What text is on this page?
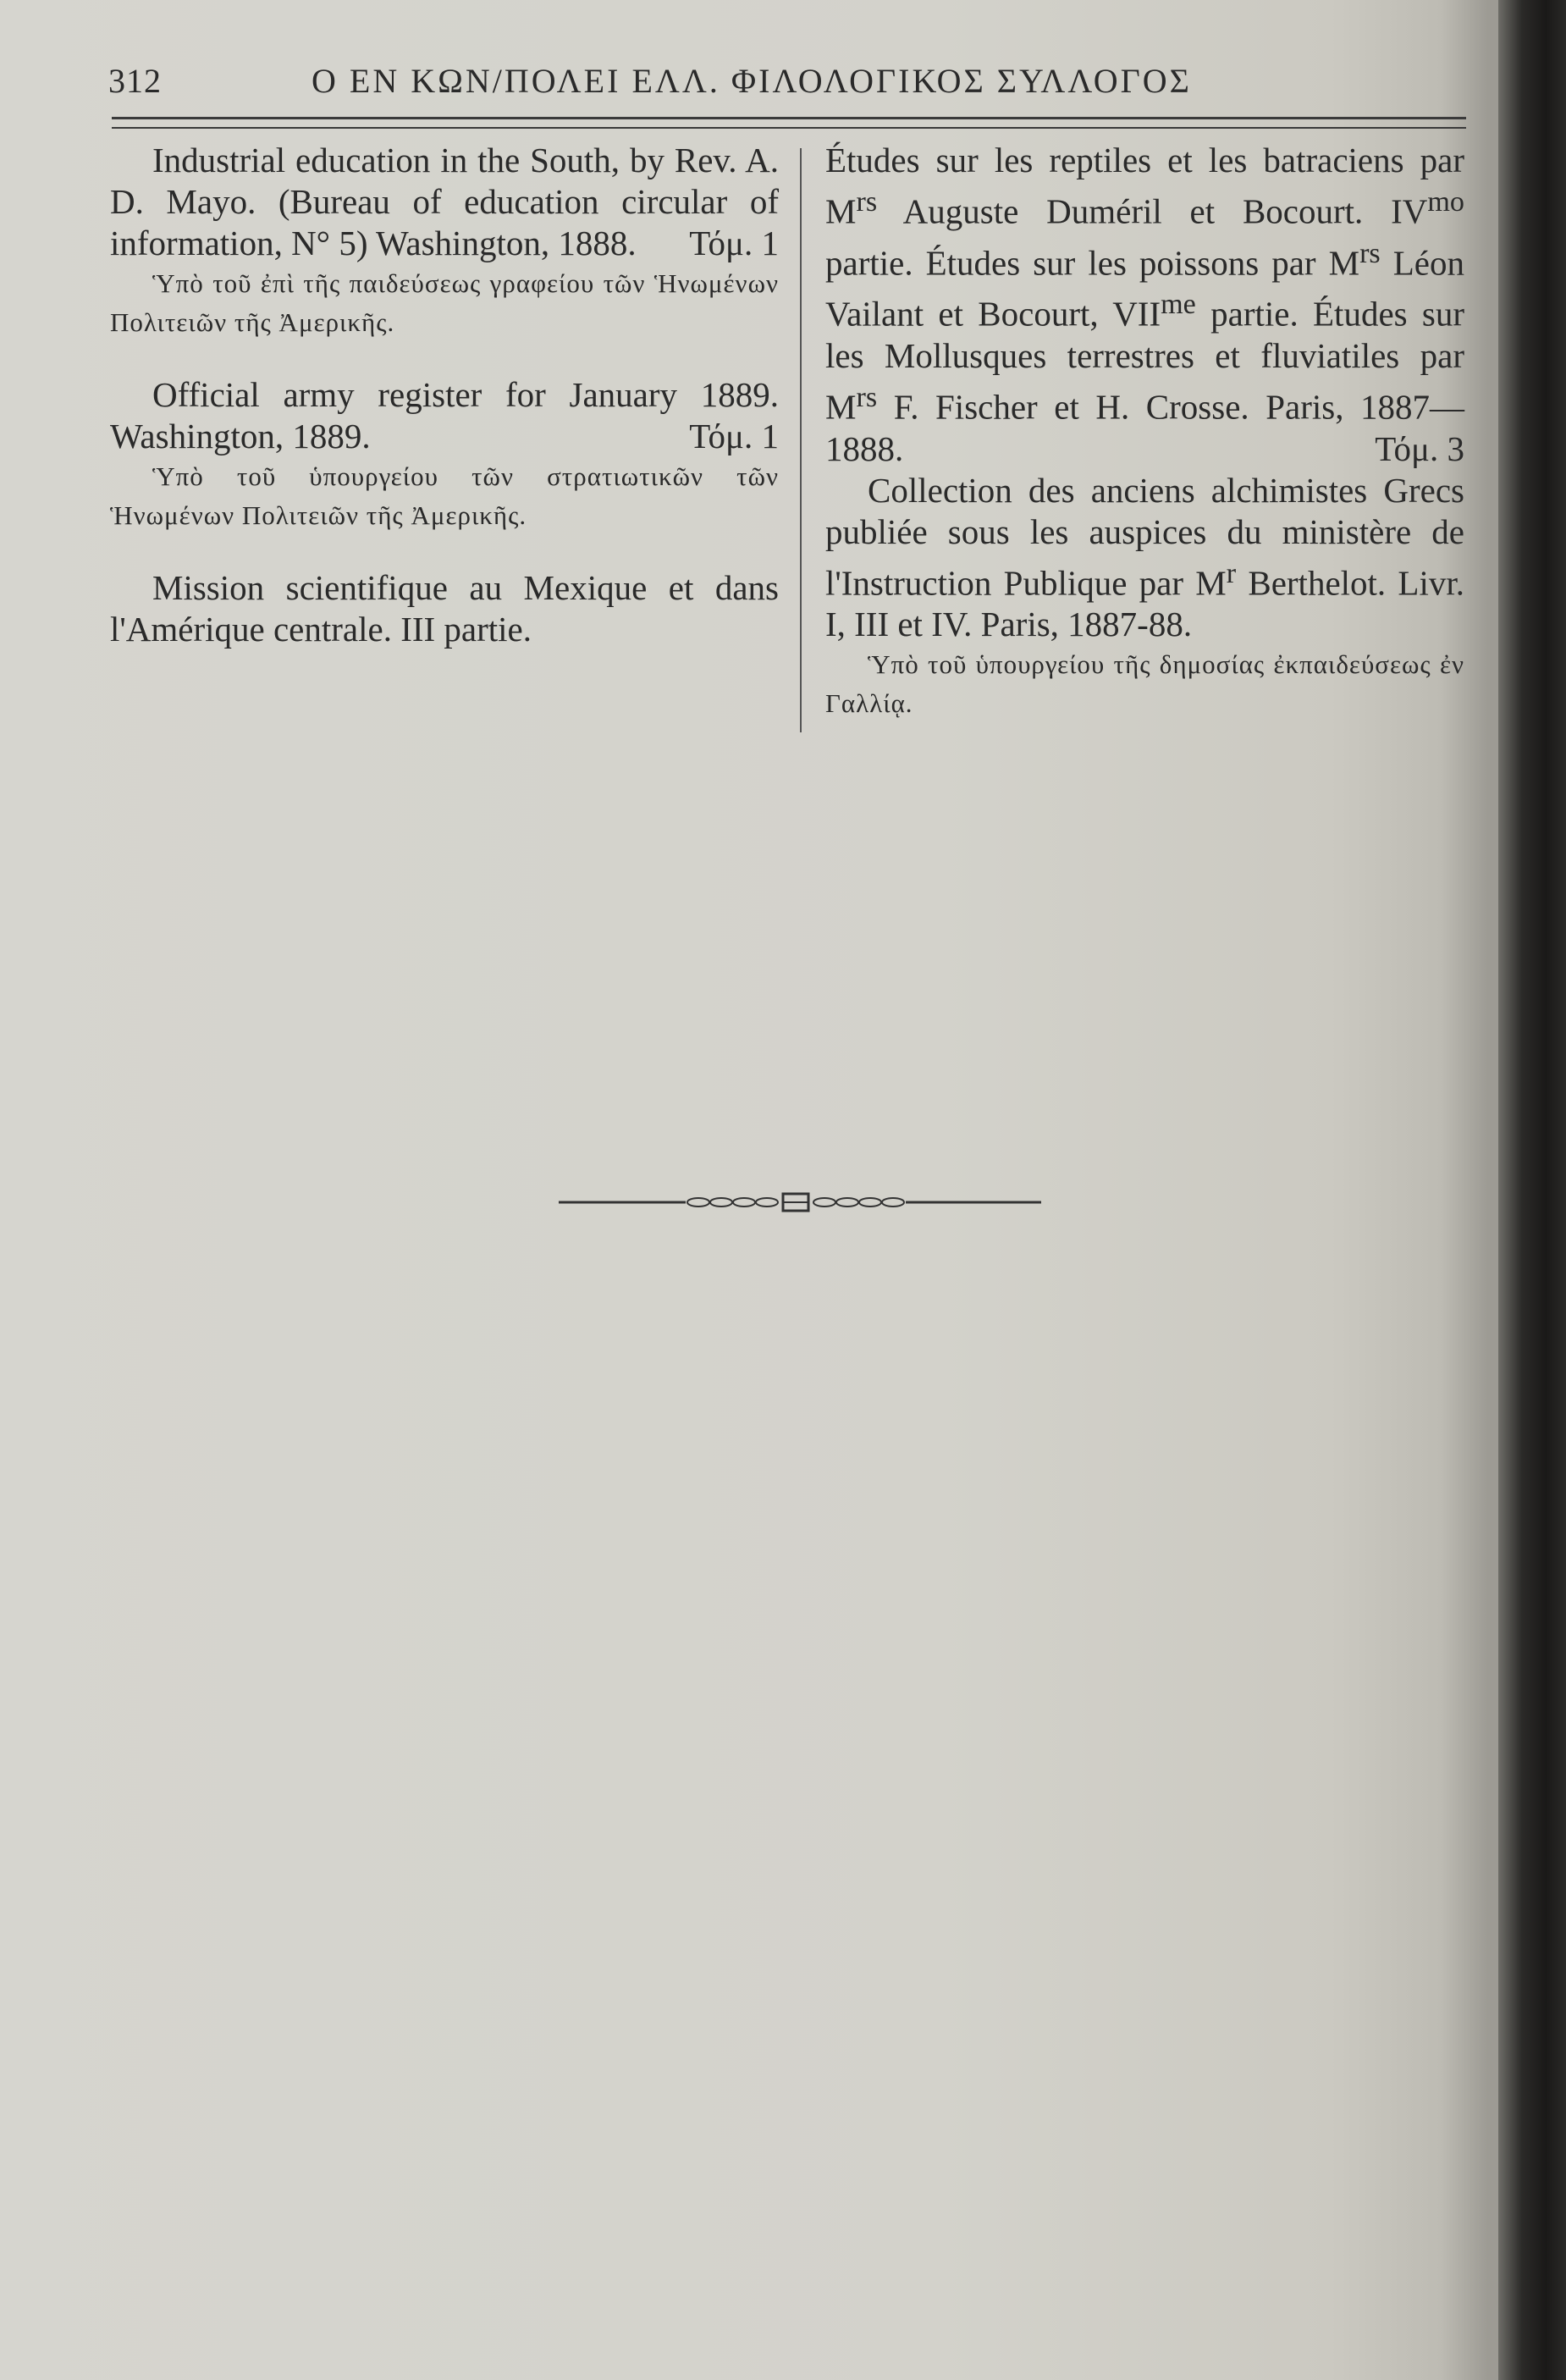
312	Ο ΕΝ ΚΩΝ/ΠΟΛΕΙ ΕΛΛ. ΦΙΛΟΛΟΓΙΚΟΣ ΣΥΛΛΟΓΟΣ

Industrial education in the South, by Rev. A. D. Mayo. (Bureau of education circular of information, N° 5) Washington, 1888.	Τόμ. 1

Ὑπὸ τοῦ ἐπὶ τῆς παιδεύσεως γραφείου τῶν Ἡνωμένων Πολιτειῶν τῆς Ἀμερικῆς.

Official army register for January 1889. Washington, 1889.	Τόμ. 1

Ὑπὸ τοῦ ὑπουργείου τῶν στρατιωτικῶν τῶν Ἡνωμένων Πολιτειῶν τῆς Ἀμερικῆς.

Mission scientifique au Mexique et dans l'Amérique centrale. III partie.

Études sur les reptiles et les batraciens par $M^{rs}$ Auguste Duméril et Bocourt. $IV^{mo}$ partie. Études sur les poissons par $M^{rs}$ Léon Vailant et Bocourt, $VII^{me}$ partie. Études sur les Mollusques terrestres et fluviatiles par $M^{rs}$ F. Fischer et H. Crosse. Paris, 1887—1888.	Τόμ. 3

Collection des anciens alchimistes Grecs publiée sous les auspices du ministère de l'Instruction Publique par $M^r$ Berthelot. Livr. I, III et IV. Paris, 1887-88.

Ὑπὸ τοῦ ὑπουργείου τῆς δημοσίας ἐκπαιδεύσεως ἐν Γαλλίᾳ.
